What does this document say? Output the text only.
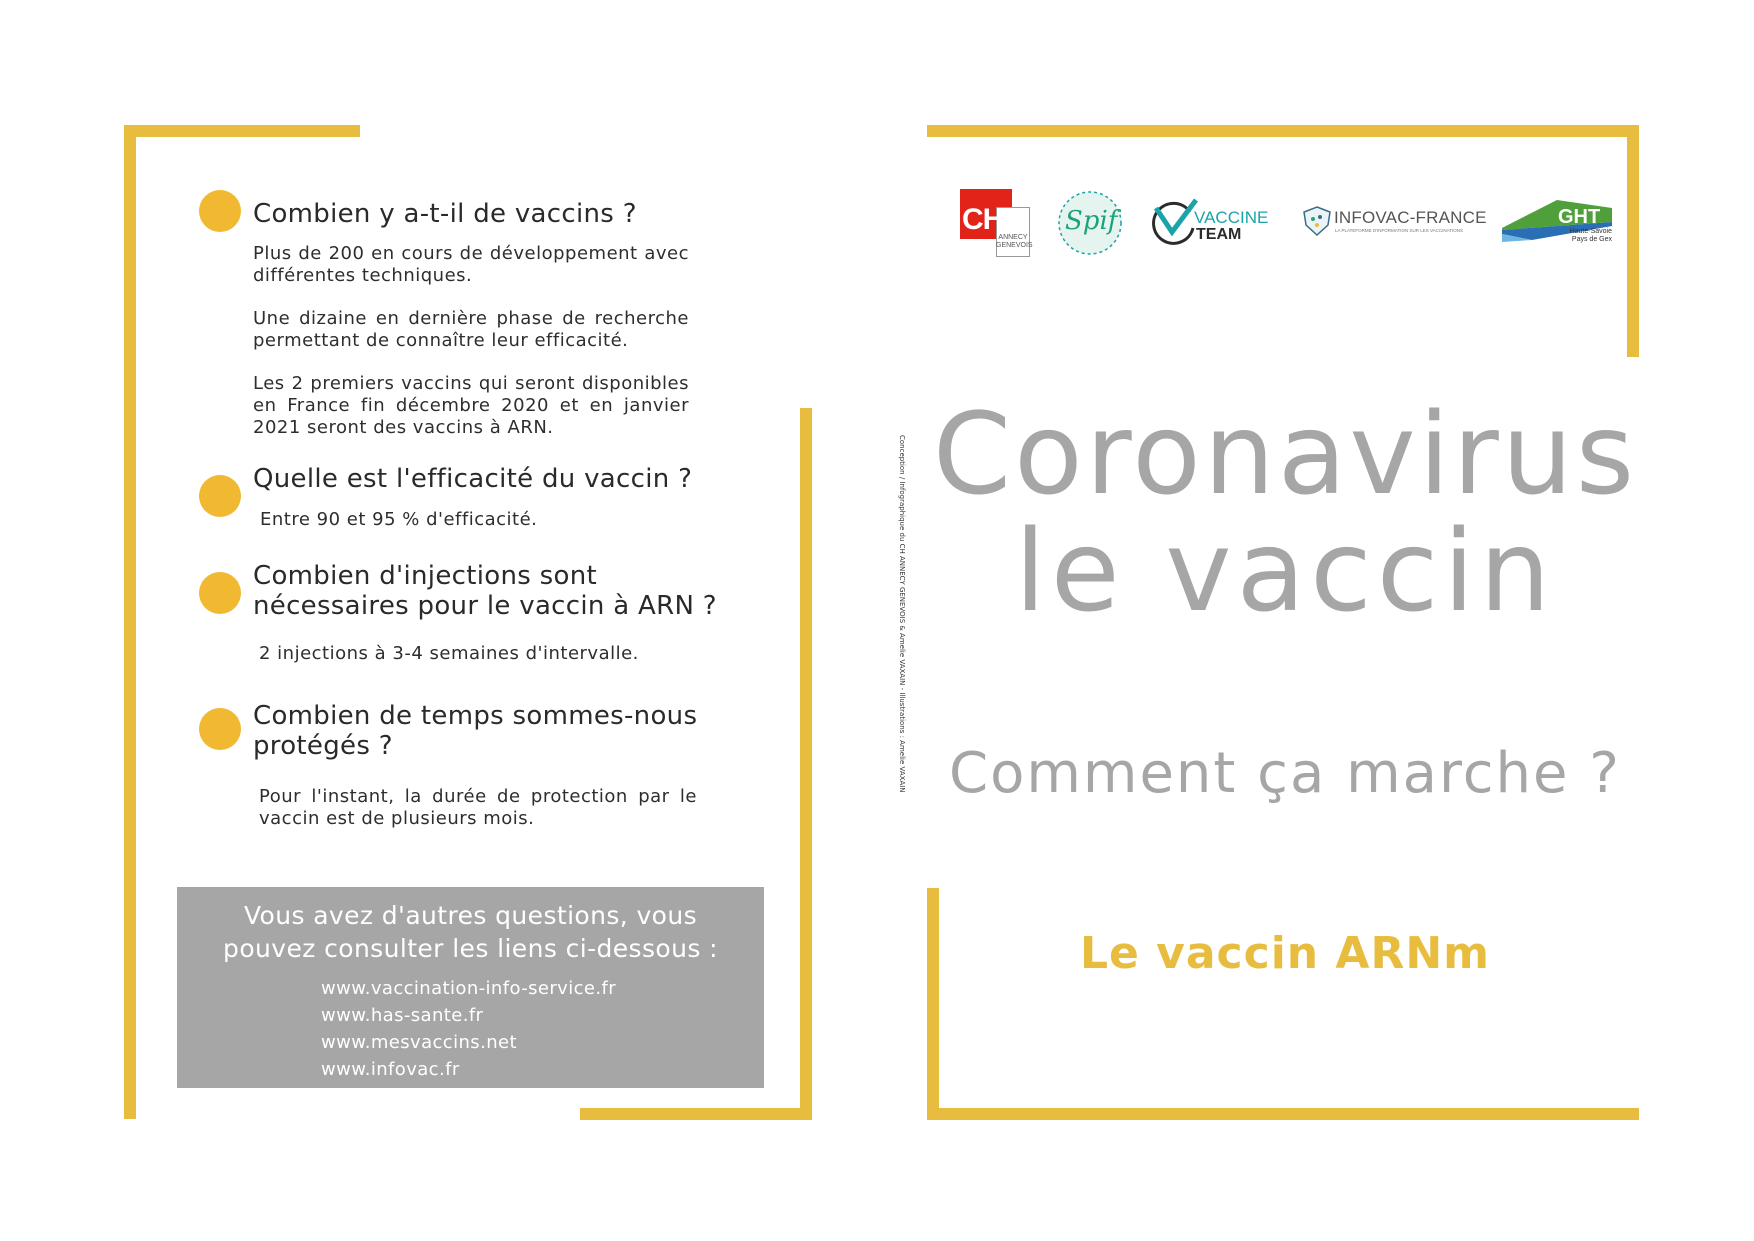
Combien y a-t-il de vaccins ?
Plus de 200 en cours de développement avec différentes techniques.
Une dizaine en dernière phase de recherche permettant de connaître leur efficacité.
Les 2 premiers vaccins qui seront disponibles en France fin décembre 2020 et en janvier 2021 seront des vaccins à ARN.
Quelle est l'efficacité du vaccin ?
Entre 90 et 95 % d'efficacité.
Combien d'injections sont
nécessaires pour le vaccin à ARN ?
2 injections à 3-4 semaines d'intervalle.
Combien de temps sommes-nous
protégés ?
Pour l'instant, la durée de protection par le vaccin est de plusieurs mois.
Vous avez d'autres questions, vous
pouvez consulter les liens ci-dessous :
www.vaccination-info-service.fr
www.has-sante.fr
www.mesvaccins.net
www.infovac.fr
Conception / Infographique du CH ANNECY GENEVOIS & Amelie VAXAIN - Illustrations : Amelie VAXAIN
CH
ANNECY
GENEVOIS
Spif	VACCINE
TEAM
INFOVAC-FRANCE
LA PLATEFORME D'INFORMATION SUR LES VACCINATIONS
GHT
Haute-Savoie
Pays de Gex
Coronavirus
le vaccin
Comment ça marche ?
Le vaccin ARNm
